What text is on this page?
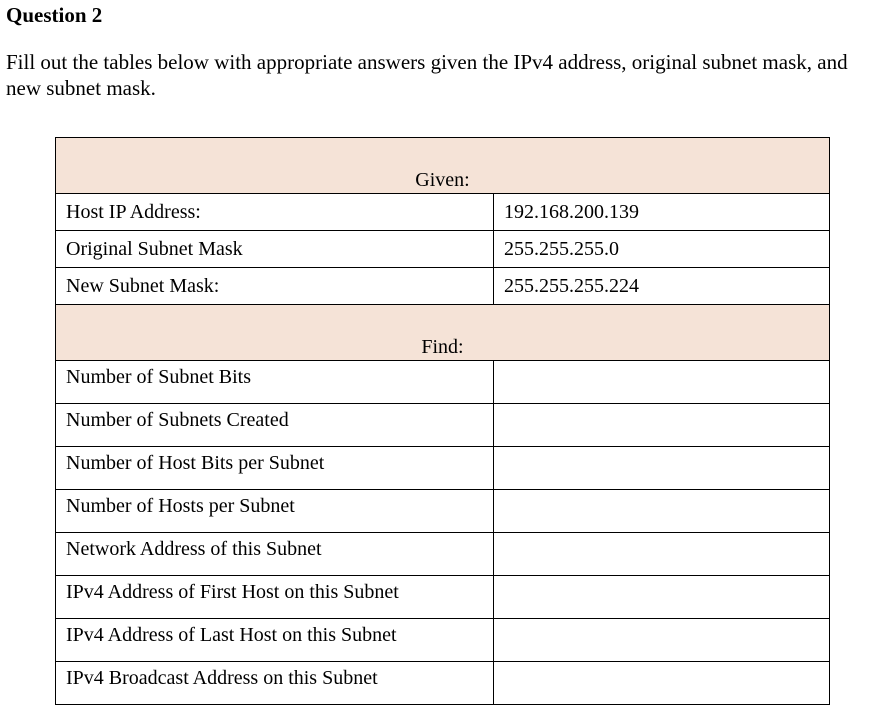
Question 2
Fill out the tables below with appropriate answers given the IPv4 address, original subnet mask, and new subnet mask.
Given:	
Host IP Address:	192.168.200.139
Original Subnet Mask	255.255.255.0
New Subnet Mask:	255.255.255.224
Find:	
Number of Subnet Bits	
Number of Subnets Created	
Number of Host Bits per Subnet	
Number of Hosts per Subnet	
Network Address of this Subnet	
IPv4 Address of First Host on this Subnet	
IPv4 Address of Last Host on this Subnet	
IPv4 Broadcast Address on this Subnet	
